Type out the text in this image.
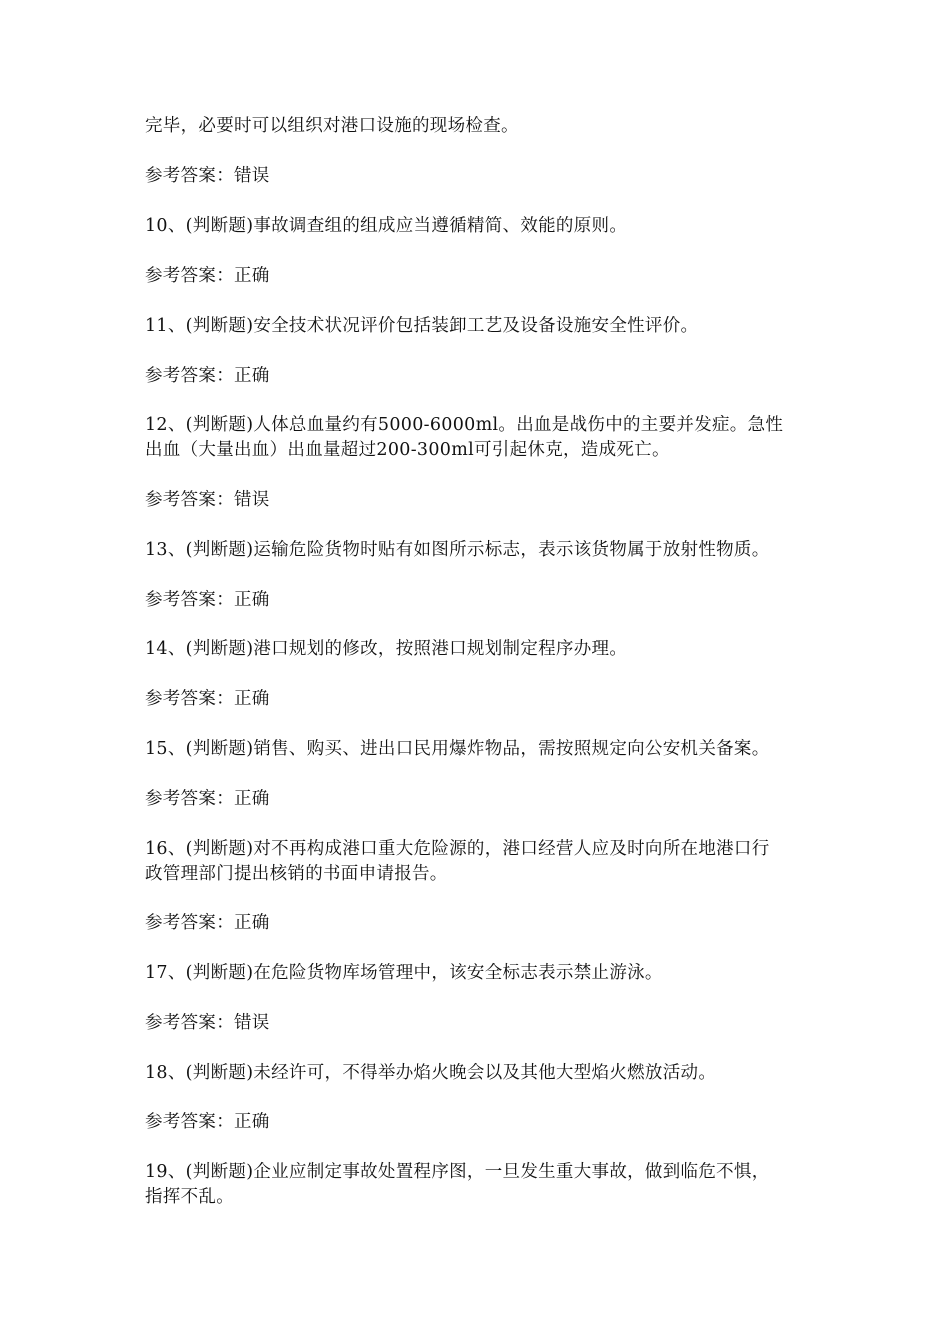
完毕，必要时可以组织对港口设施的现场检查。
参考答案：错误
10、(判断题)事故调查组的组成应当遵循精简、效能的原则。
参考答案：正确
11、(判断题)安全技术状况评价包括装卸工艺及设备设施安全性评价。
参考答案：正确
12、(判断题)人体总血量约有5000-6000ml。出血是战伤中的主要并发症。急性
出血（大量出血）出血量超过200-300ml可引起休克，造成死亡。
参考答案：错误
13、(判断题)运输危险货物时贴有如图所示标志，表示该货物属于放射性物质。
参考答案：正确
14、(判断题)港口规划的修改，按照港口规划制定程序办理。
参考答案：正确
15、(判断题)销售、购买、进出口民用爆炸物品，需按照规定向公安机关备案。
参考答案：正确
16、(判断题)对不再构成港口重大危险源的，港口经营人应及时向所在地港口行
政管理部门提出核销的书面申请报告。
参考答案：正确
17、(判断题)在危险货物库场管理中，该安全标志表示禁止游泳。
参考答案：错误
18、(判断题)未经许可，不得举办焰火晚会以及其他大型焰火燃放活动。
参考答案：正确
19、(判断题)企业应制定事故处置程序图，一旦发生重大事故，做到临危不惧，
指挥不乱。
